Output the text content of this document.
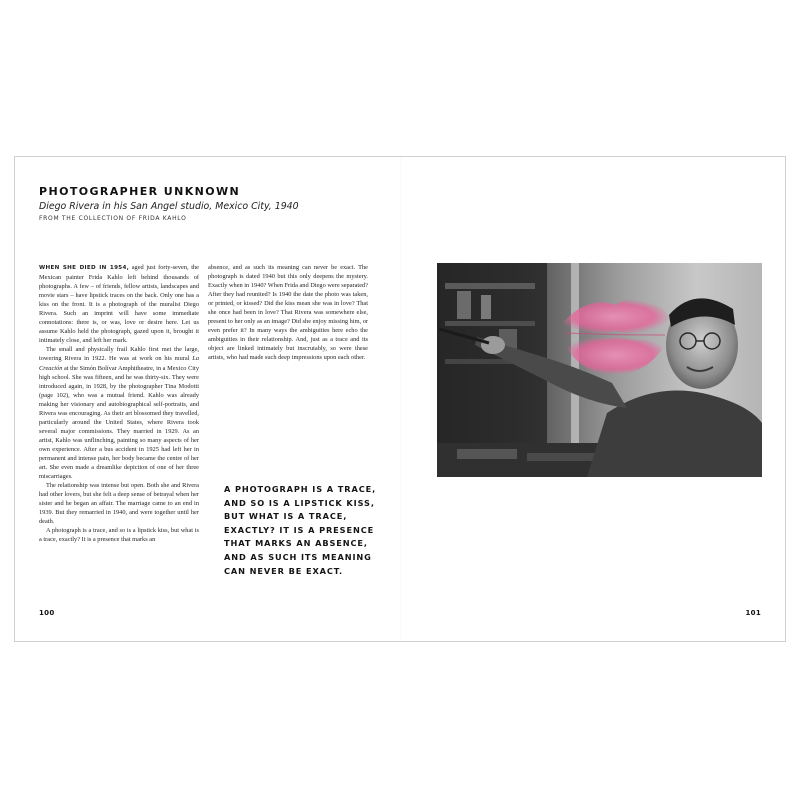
PHOTOGRAPHER UNKNOWN
Diego Rivera in his San Angel studio, Mexico City, 1940
FROM THE COLLECTION OF FRIDA KAHLO

WHEN SHE DIED IN 1954, aged just forty-seven, the Mexican painter Frida Kahlo left behind thousands of photographs. A few – of friends, fellow artists, landscapes and movie stars – have lipstick traces on the back. Only one has a kiss on the front. It is a photograph of the muralist Diego Rivera. Such an imprint will have some immediate connotations: there is, or was, love or desire here. Let us assume Kahlo held the photograph, gazed upon it, brought it intimately close, and left her mark.

The small and physically frail Kahlo first met the large, towering Rivera in 1922. He was at work on his mural La Creación at the Simón Bolívar Amphitheatre, in a Mexico City high school. She was fifteen, and he was thirty-six. They were introduced again, in 1928, by the photographer Tina Modotti (page 102), who was a mutual friend. Kahlo was already making her visionary and autobiographical self-portraits, and Rivera was encouraging. As their art blossomed they travelled, particularly around the United States, where Rivera took several major commissions. They married in 1929. As an artist, Kahlo was unflinching, painting so many aspects of her own experience. After a bus accident in 1925 had left her in permanent and intense pain, her body became the centre of her art. She even made a dreamlike depiction of one of her three miscarriages.

The relationship was intense but open. Both she and Rivera had other lovers, but she felt a deep sense of betrayal when her sister and he began an affair. The marriage came to an end in 1939. But they remarried in 1940, and were together until her death.

A photograph is a trace, and so is a lipstick kiss, but what is a trace, exactly? It is a presence that marks an

absence, and as such its meaning can never be exact. The photograph is dated 1940 but this only deepens the mystery. Exactly when in 1940? When Frida and Diego were separated? After they had reunited? Is 1940 the date the photo was taken, or printed, or kissed? Did the kiss mean she was in love? That she once had been in love? That Rivera was somewhere else, present to her only as an image? Did she enjoy missing him, or even prefer it? In many ways the ambiguities here echo the ambiguities in their relationship. And, just as a trace and its object are linked intimately but inscrutably, so were these artists, who had made such deep impressions upon each other.

A PHOTOGRAPH IS A TRACE,
AND SO IS A LIPSTICK KISS,
BUT WHAT IS A TRACE,
EXACTLY? IT IS A PRESENCE
THAT MARKS AN ABSENCE,
AND AS SUCH ITS MEANING
CAN NEVER BE EXACT.
100	101
